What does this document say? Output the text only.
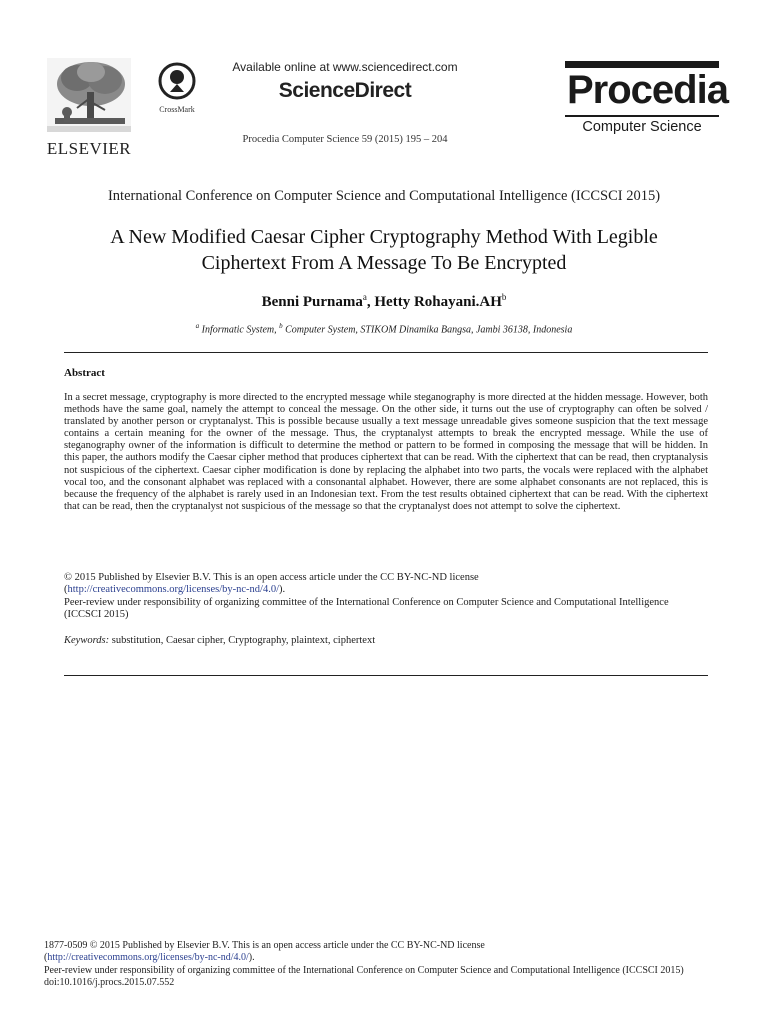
ELSEVIER
CrossMark
Available online at www.sciencedirect.com
ScienceDirect
Procedia Computer Science 59 (2015) 195 – 204
Procedia
Computer Science
International Conference on Computer Science and Computational Intelligence (ICCSCI 2015)
A New Modified Caesar Cipher Cryptography Method With Legible
Ciphertext From A Message To Be Encrypted
Benni Purnama$^a$, Hetty $Rohayani.AH^b$
$^a$ Informatic System, $^b$ Computer System, STIKOM Dinamika Bangsa, Jambi 36138, Indonesia
Abstract
In a secret message, cryptography is more directed to the encrypted message while steganography is more directed at the hidden message. However, both methods have the same goal, namely the attempt to conceal the message. On the other side, it turns out the use of cryptography can often be solved / translated by another person or cryptanalyst. This is possible because usually a text message unreadable gives someone suspicion that the text message contains a certain meaning for the owner of the message. Thus, the cryptanalyst attempts to break the encrypted message. While the use of steganography owner of the information is difficult to determine the method or pattern to be formed in composing the message that will be hidden. In this paper, the authors modify the Caesar cipher method that produces ciphertext that can be read. With the ciphertext that can be read, then cryptanalysis not suspicious of the ciphertext. Caesar cipher modification is done by replacing the alphabet into two parts, the vocals were replaced with the alphabet vocal too, and the consonant alphabet was replaced with a consonantal alphabet. However, there are some alphabet consonants are not replaced, this is because the frequency of the alphabet is rarely used in an Indonesian text. From the test results obtained ciphertext that can be read. With the ciphertext that can be read, then the cryptanalyst not suspicious of the message so that the cryptanalyst does not attempt to solve the ciphertext.
© 2015 Published by Elsevier B.V. This is an open access article under the CC BY-NC-ND license
(http://creativecommons.org/licenses/by-nc-nd/4.0/).
Peer-review under responsibility of organizing committee of the International Conference on Computer Science and Computational Intelligence (ICCSCI 2015)
Keywords: substitution, Caesar cipher, Cryptography, plaintext, ciphertext
1877-0509 © 2015 Published by Elsevier B.V. This is an open access article under the CC BY-NC-ND license
(http://creativecommons.org/licenses/by-nc-nd/4.0/).
Peer-review under responsibility of organizing committee of the International Conference on Computer Science and Computational Intelligence (ICCSCI 2015)
doi:10.1016/j.procs.2015.07.552
